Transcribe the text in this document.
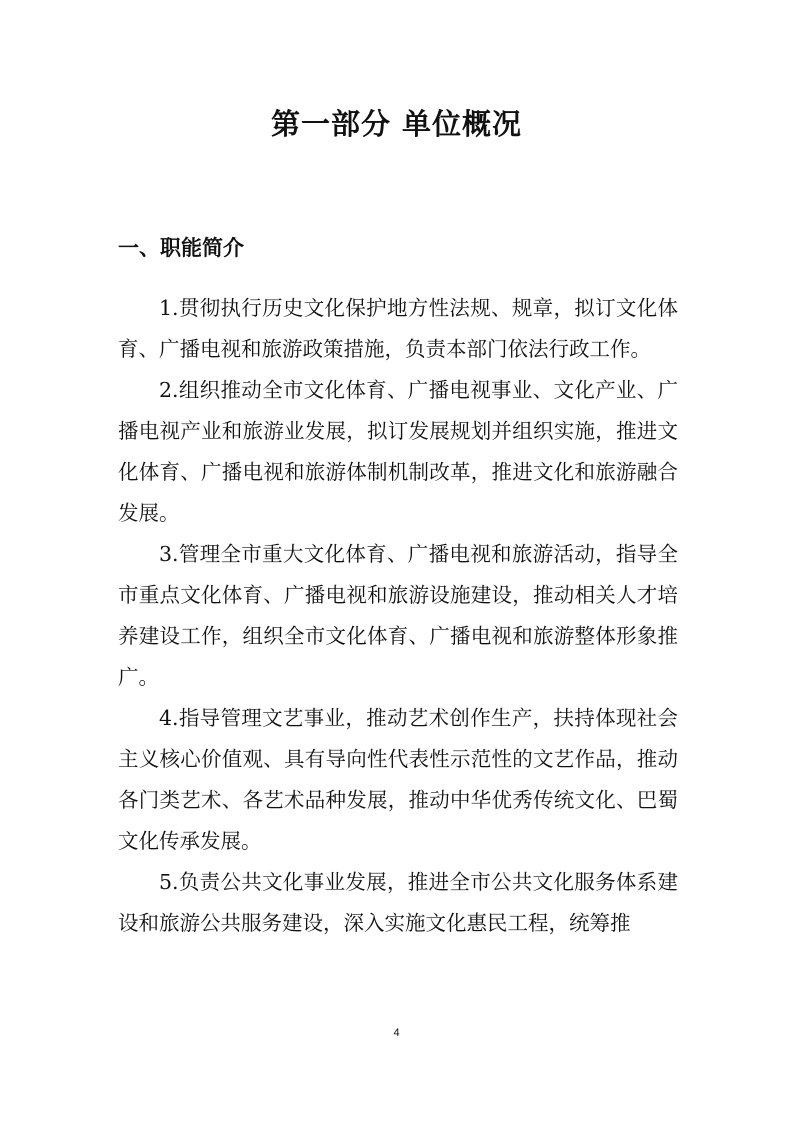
第一部分 单位概况
一、职能简介

1.贯彻执行历史文化保护地方性法规、规章，拟订文化体育、广播电视和旅游政策措施，负责本部门依法行政工作。

2.组织推动全市文化体育、广播电视事业、文化产业、广播电视产业和旅游业发展，拟订发展规划并组织实施，推进文化体育、广播电视和旅游体制机制改革，推进文化和旅游融合发展。

3.管理全市重大文化体育、广播电视和旅游活动，指导全市重点文化体育、广播电视和旅游设施建设，推动相关人才培养建设工作，组织全市文化体育、广播电视和旅游整体形象推广。

4.指导管理文艺事业，推动艺术创作生产，扶持体现社会主义核心价值观、具有导向性代表性示范性的文艺作品，推动各门类艺术、各艺术品种发展，推动中华优秀传统文化、巴蜀文化传承发展。

5.负责公共文化事业发展，推进全市公共文化服务体系建设和旅游公共服务建设，深入实施文化惠民工程，统筹推

4
